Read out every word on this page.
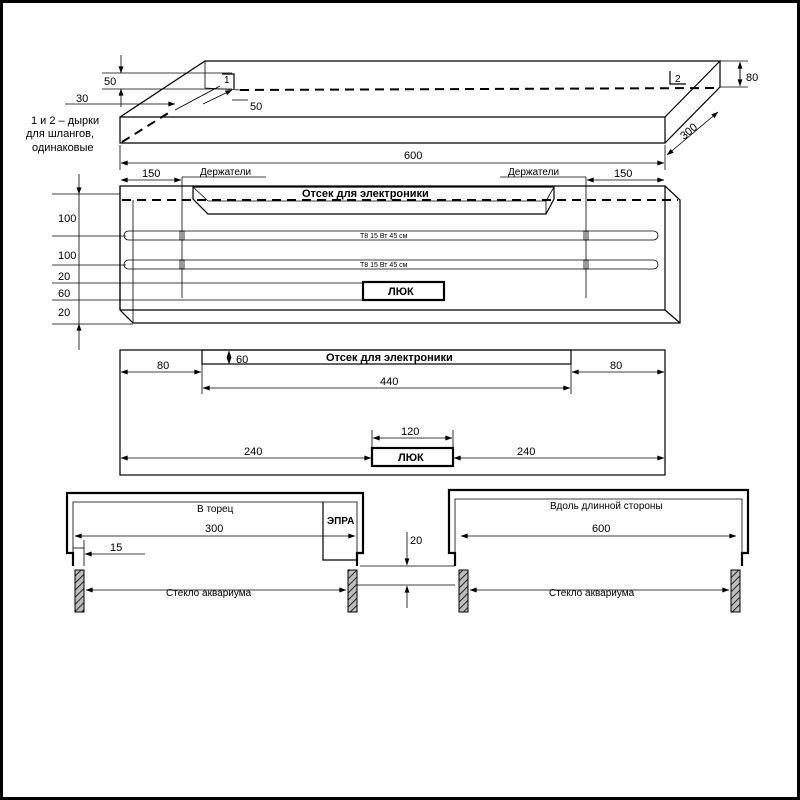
1	2
50
30
50
80
300
600
1 и 2 – дырки
для шлангов,
одинаковые
Отсек для электроники
T8 15 Вт 45 см
T8 15 Вт 45 см
Держатели	Держатели
150	150
ЛЮК
100
100
20
60
20
Отсек для электроники
60
80	80
440
ЛЮК
120
240	240
В торец
ЭПРА
300
15
Стекло аквариума
20
Вдоль длинной стороны
600
Стекло аквариума
